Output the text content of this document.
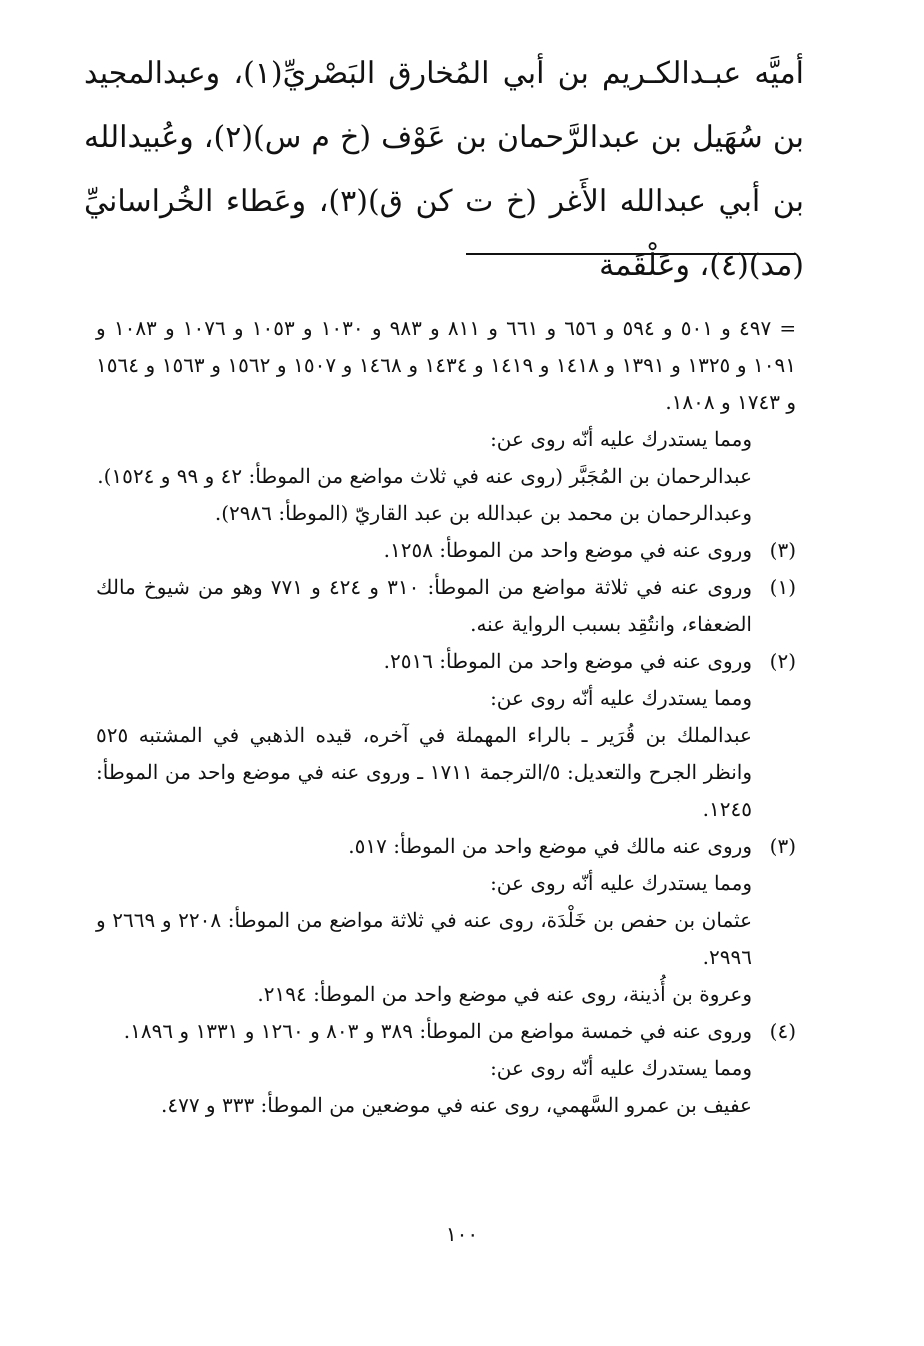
أميَّه عبـدالكـريم بن أبي المُخارق البَصْريِّ(١)، وعبدالمجيد بن سُهَيل بن عبدالرَّحمان بن عَوْف (خ م س)(٢)، وعُبيدالله بن أبي عبدالله الأَغر (خ ت كن ق)(٣)، وعَطاء الخُراسانيِّ (مد)(٤)، وعَلْقَمة

= ٤٩٧ و ٥٠١ و ٥٩٤ و ٦٥٦ و ٦٦١ و ٨١١ و ٩٨٣ و ١٠٣٠ و ١٠٥٣ و ١٠٧٦ و ١٠٨٣ و ١٠٩١ و ١٣٢٥ و ١٣٩١ و ١٤١٨ و ١٤١٩ و ١٤٣٤ و ١٤٦٨ و ١٥٠٧ و ١٥٦٢ و ١٥٦٣ و ١٥٦٤ و ١٧٤٣ و ١٨٠٨.

ومما يستدرك عليه أنّه روى عن:

عبدالرحمان بن المُجَبَّر (روى عنه في ثلاث مواضع من الموطأ: ٤٢ و ٩٩ و ١٥٢٤).

وعبدالرحمان بن محمد بن عبدالله بن عبد القاريّ (الموطأ: ٢٩٨٦).

(٣)
وروى عنه في موضع واحد من الموطأ: ١٢٥٨.

(١)
وروى عنه في ثلاثة مواضع من الموطأ: ٣١٠ و ٤٢٤ و ٧٧١ وهو من شيوخ مالك الضعفاء، وانتُقِد بسبب الرواية عنه.

(٢)
وروى عنه في موضع واحد من الموطأ: ٢٥١٦.

ومما يستدرك عليه أنّه روى عن:

عبدالملك بن قُرَير ـ بالراء المهملة في آخره، قيده الذهبي في المشتبه ٥٢٥ وانظر الجرح والتعديل: ٥/الترجمة ١٧١١ ـ وروى عنه في موضع واحد من الموطأ: ١٢٤٥.

(٣)
وروى عنه مالك في موضع واحد من الموطأ: ٥١٧.

ومما يستدرك عليه أنّه روى عن:

عثمان بن حفص بن خَلْدَة، روى عنه في ثلاثة مواضع من الموطأ: ٢٢٠٨ و ٢٦٦٩ و ٢٩٩٦.

وعروة بن أُذينة، روى عنه في موضع واحد من الموطأ: ٢١٩٤.

(٤)
وروى عنه في خمسة مواضع من الموطأ: ٣٨٩ و ٨٠٣ و ١٢٦٠ و ١٣٣١ و ١٨٩٦.

ومما يستدرك عليه أنّه روى عن:

عفيف بن عمرو السَّهمي، روى عنه في موضعين من الموطأ: ٣٣٣ و ٤٧٧.

١٠٠
